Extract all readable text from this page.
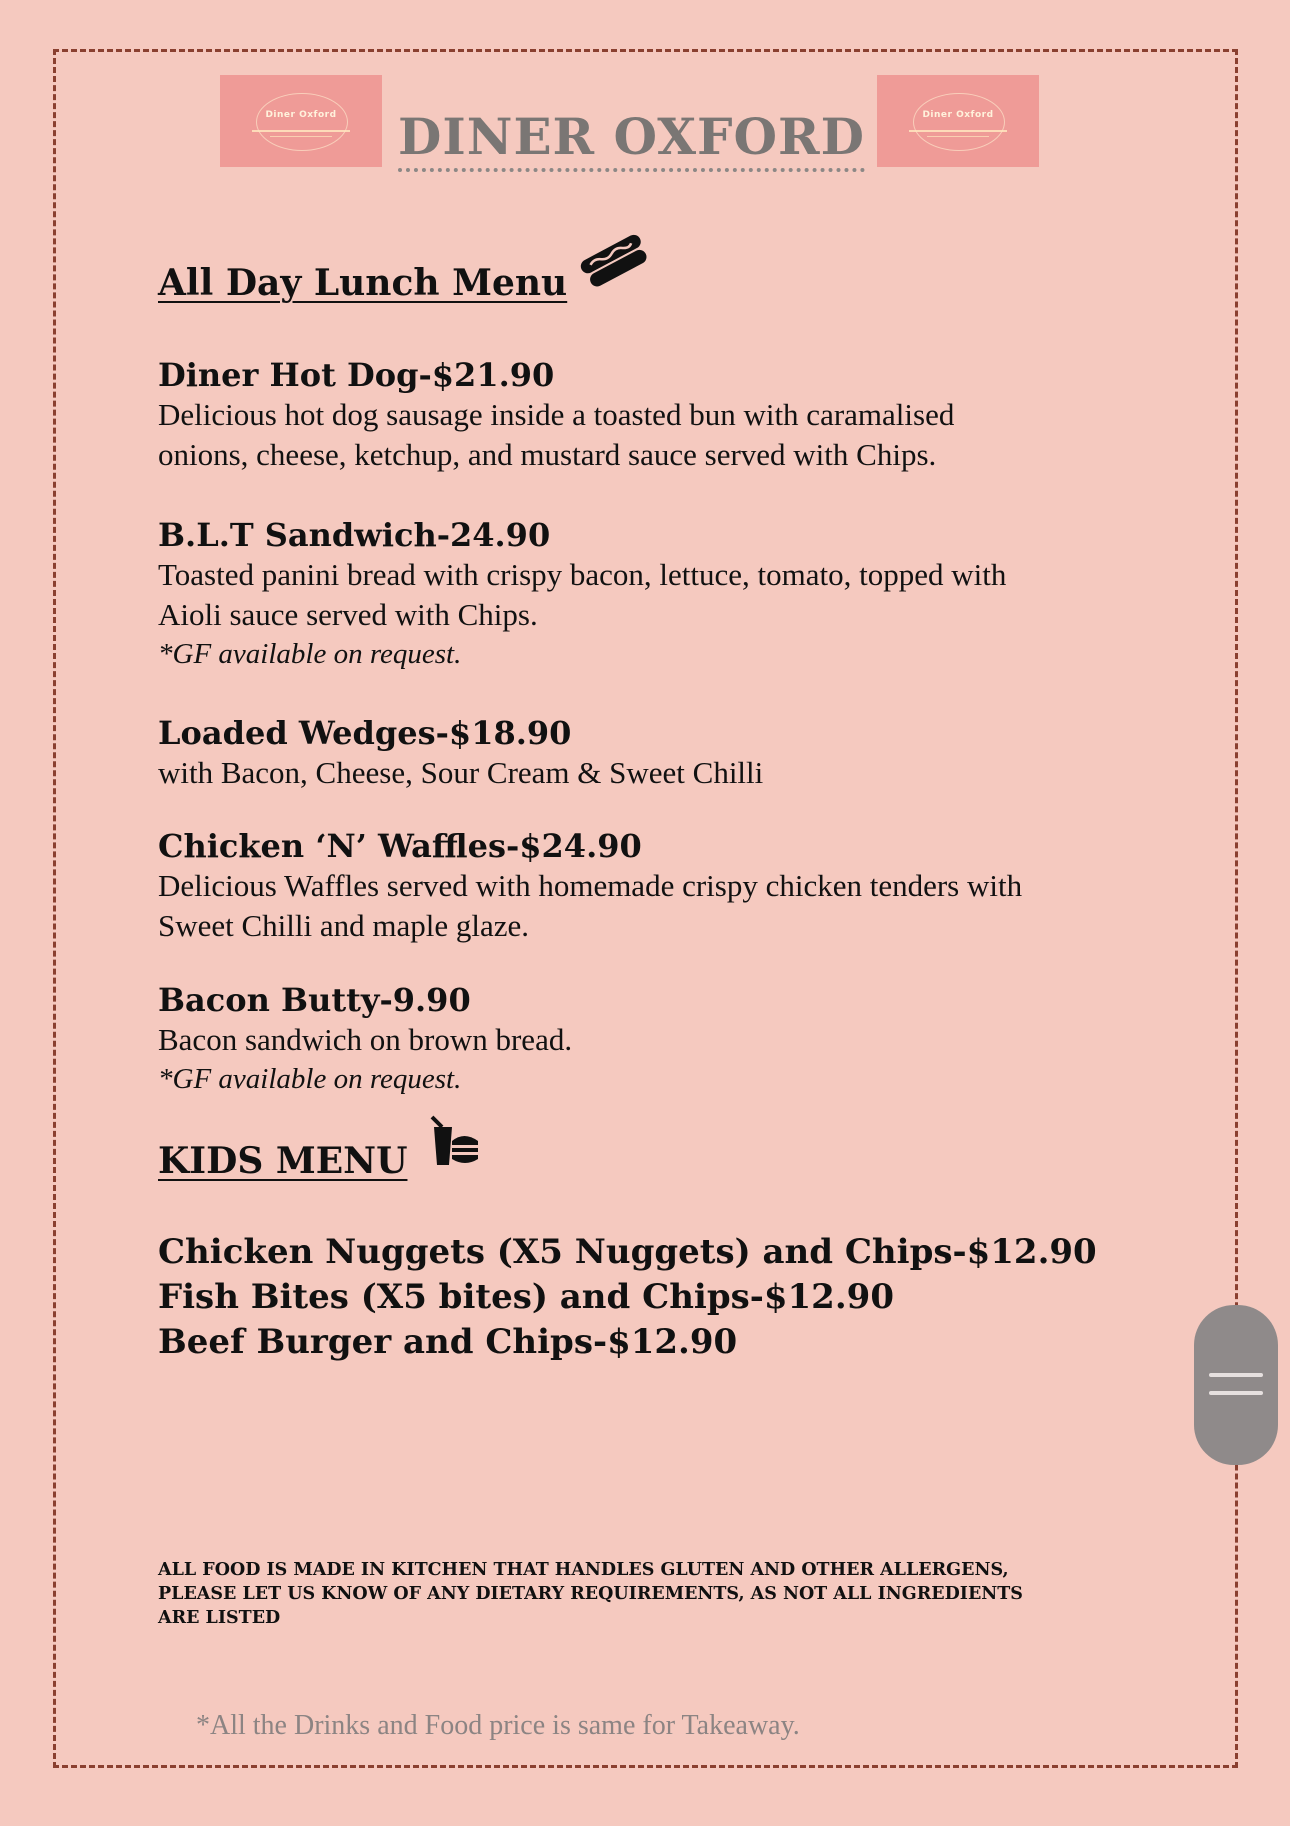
Diner Oxford	DINER OXFORD	Diner Oxford
All Day Lunch Menu
Diner Hot Dog-$21.90
Delicious hot dog sausage inside a toasted bun with caramalised
onions, cheese, ketchup, and mustard sauce served with Chips.
B.L.T Sandwich-24.90
Toasted panini bread with crispy bacon, lettuce, tomato, topped with
Aioli sauce served with Chips.
*GF available on request.
Loaded Wedges-$18.90
with Bacon, Cheese, Sour Cream & Sweet Chilli
Chicken ‘N’ Waffles-$24.90
Delicious Waffles served with homemade crispy chicken tenders with
Sweet Chilli and maple glaze.
Bacon Butty-9.90
Bacon sandwich on brown bread.
*GF available on request.
KIDS MENU
Chicken Nuggets (X5 Nuggets) and Chips-$12.90
Fish Bites (X5 bites) and Chips-$12.90
Beef Burger and Chips-$12.90

ALL FOOD IS MADE IN KITCHEN THAT HANDLES GLUTEN AND OTHER ALLERGENS,
PLEASE LET US KNOW OF ANY DIETARY REQUIREMENTS, AS NOT ALL INGREDIENTS
ARE LISTED

*All the Drinks and Food price is same for Takeaway.
